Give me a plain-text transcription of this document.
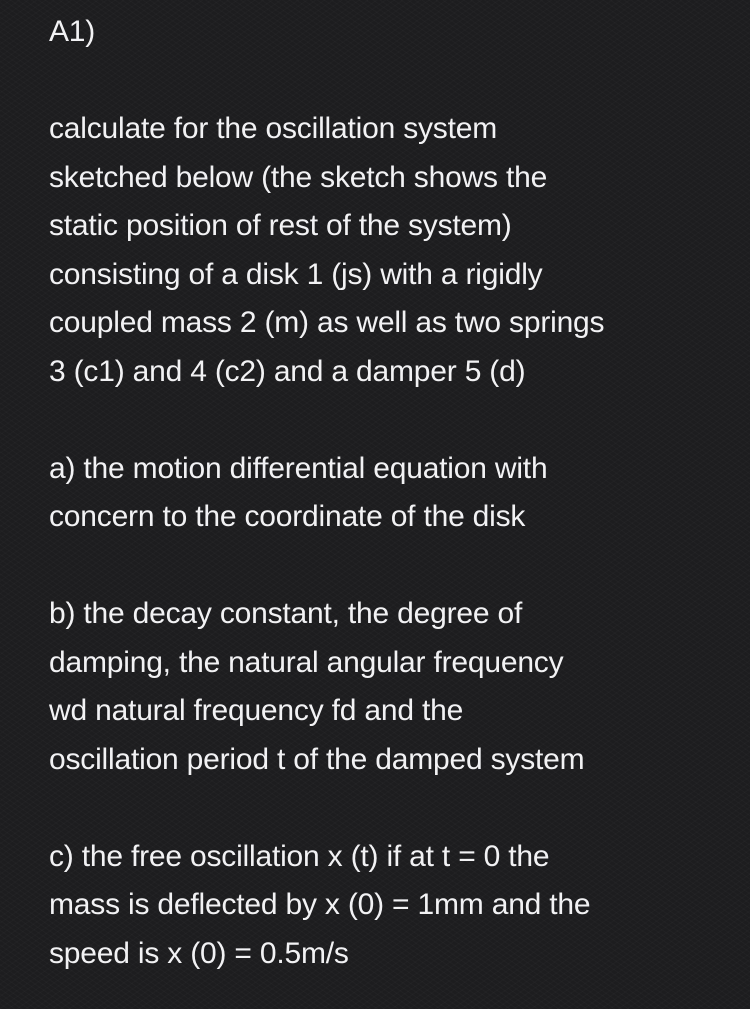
A1)
calculate for the oscillation system
sketched below (the sketch shows the
static position of rest of the system)
consisting of a disk 1 (js) with a rigidly
coupled mass 2 (m) as well as two springs
3 (c1) and 4 (c2) and a damper 5 (d)
a) the motion differential equation with
concern to the coordinate of the disk
b) the decay constant, the degree of
damping, the natural angular frequency
wd natural frequency fd and the
oscillation period t of the damped system
c) the free oscillation x (t) if at t = 0 the
mass is deflected by x (0) = 1mm and the
speed is x (0) = 0.5m/s
